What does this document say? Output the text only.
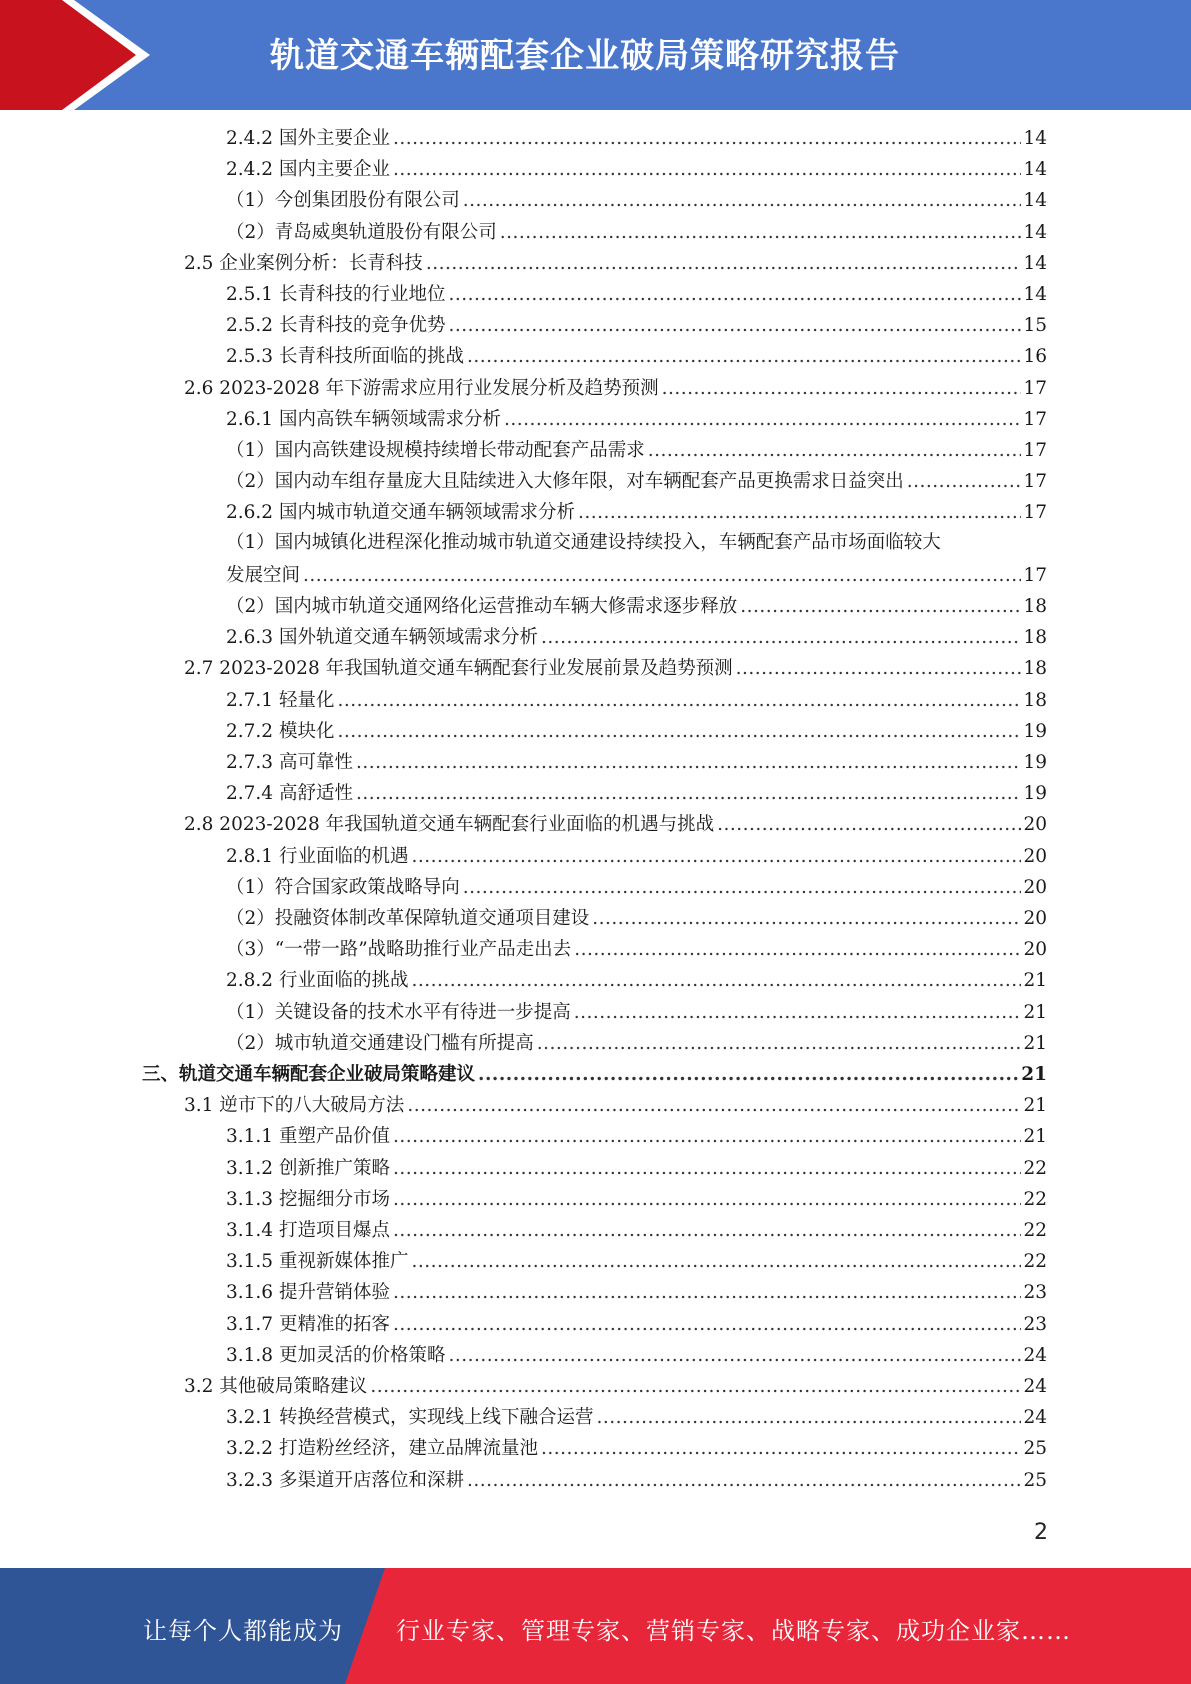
轨道交通车辆配套企业破局策略研究报告
2.4.2 国外主要企业 .....	14
2.4.2 国内主要企业 .....	14
（1）今创集团股份有限公司 .....	14
（2）青岛威奥轨道股份有限公司 .....	14
2.5 企业案例分析：长青科技 .....	14
2.5.1 长青科技的行业地位 .....	14
2.5.2 长青科技的竞争优势 .....	15
2.5.3 长青科技所面临的挑战 .....	16
2.6 2023-2028 年下游需求应用行业发展分析及趋势预测 .....	17
2.6.1 国内高铁车辆领域需求分析 .....	17
（1）国内高铁建设规模持续增长带动配套产品需求 .....	17
（2）国内动车组存量庞大且陆续进入大修年限，对车辆配套产品更换需求日益突出 .....	17
2.6.2 国内城市轨道交通车辆领域需求分析 .....	17
（1）国内城镇化进程深化推动城市轨道交通建设持续投入，车辆配套产品市场面临较大
发展空间 .....	17
（2）国内城市轨道交通网络化运营推动车辆大修需求逐步释放 .....	18
2.6.3 国外轨道交通车辆领域需求分析 .....	18
2.7 2023-2028 年我国轨道交通车辆配套行业发展前景及趋势预测 .....	18
2.7.1 轻量化 .....	18
2.7.2 模块化 .....	19
2.7.3 高可靠性 .....	19
2.7.4 高舒适性 .....	19
2.8 2023-2028 年我国轨道交通车辆配套行业面临的机遇与挑战 .....	20
2.8.1 行业面临的机遇 .....	20
（1）符合国家政策战略导向 .....	20
（2）投融资体制改革保障轨道交通项目建设 .....	20
（3）“一带一路”战略助推行业产品走出去 .....	20
2.8.2 行业面临的挑战 .....	21
（1）关键设备的技术水平有待进一步提高 .....	21
（2）城市轨道交通建设门槛有所提高 .....	21
三、轨道交通车辆配套企业破局策略建议 .....	21
3.1 逆市下的八大破局方法 .....	21
3.1.1 重塑产品价值 .....	21
3.1.2 创新推广策略 .....	22
3.1.3 挖掘细分市场 .....	22
3.1.4 打造项目爆点 .....	22
3.1.5 重视新媒体推广 .....	22
3.1.6 提升营销体验 .....	23
3.1.7 更精准的拓客 .....	23
3.1.8 更加灵活的价格策略 .....	24
3.2 其他破局策略建议 .....	24
3.2.1 转换经营模式，实现线上线下融合运营 .....	24
3.2.2 打造粉丝经济，建立品牌流量池 .....	25
3.2.3 多渠道开店落位和深耕 .....	25
2
让每个人都能成为 行业专家、管理专家、营销专家、战略专家、成功企业家……
